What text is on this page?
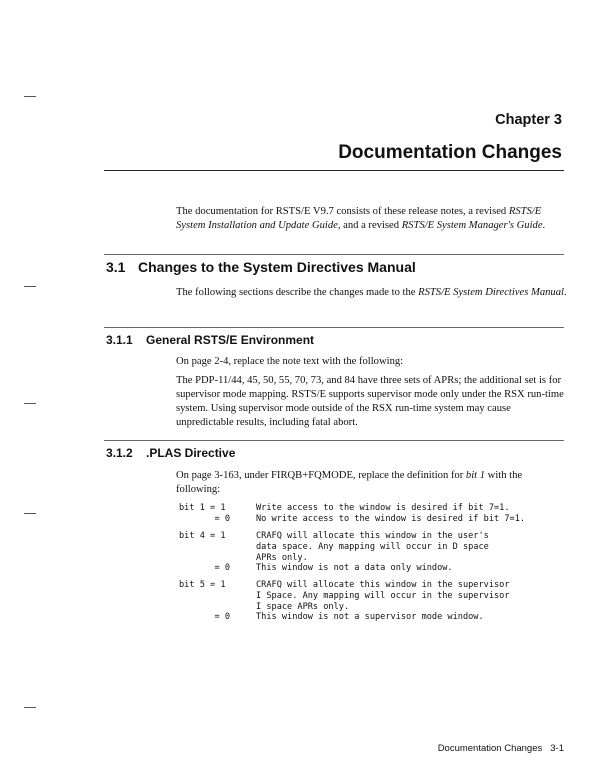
Chapter 3
Documentation Changes
The documentation for RSTS/E V9.7 consists of these release notes, a revised RSTS/E System Installation and Update Guide, and a revised RSTS/E System Manager's Guide.
3.1 Changes to the System Directives Manual
The following sections describe the changes made to the RSTS/E System Directives Manual.
3.1.1 General RSTS/E Environment
On page 2-4, replace the note text with the following:
The PDP-11/44, 45, 50, 55, 70, 73, and 84 have three sets of APRs; the additional set is for supervisor mode mapping. RSTS/E supports supervisor mode only under the RSX run-time system. Using supervisor mode outside of the RSX run-time system may cause unpredictable results, including fatal abort.
3.1.2 .PLAS Directive
On page 3-163, under FIRQB+FQMODE, replace the definition for bit 1 with the following:
bit 1 = 1	Write access to the window is desired if bit 7=1.
= 0	No write access to the window is desired if bit 7=1.
bit 4 = 1	CRAFQ will allocate this window in the user's
data space. Any mapping will occur in D space
APRs only.
= 0	This window is not a data only window.
bit 5 = 1	CRAFQ will allocate this window in the supervisor
I Space. Any mapping will occur in the supervisor
I space APRs only.
= 0	This window is not a supervisor mode window.
Documentation Changes 3-1
